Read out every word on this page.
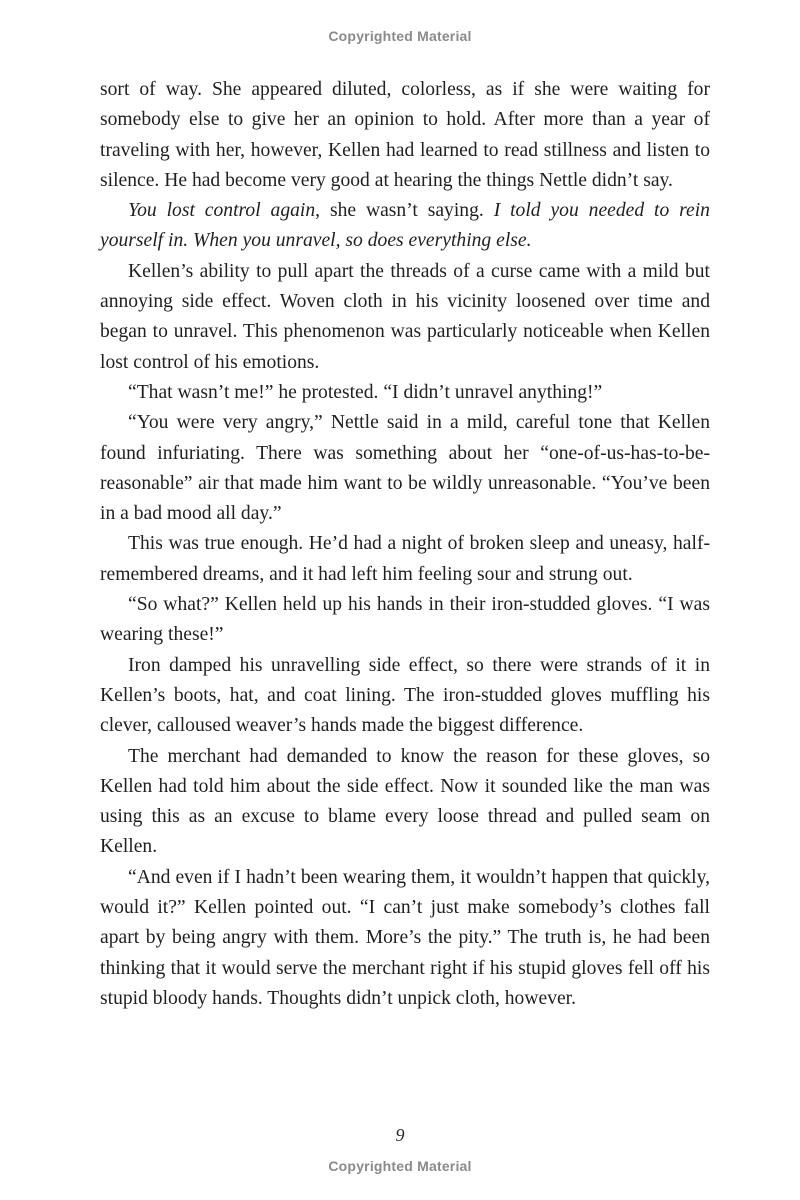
Copyrighted Material

sort of way. She appeared diluted, colorless, as if she were waiting for somebody else to give her an opinion to hold. After more than a year of traveling with her, however, Kellen had learned to read stillness and listen to silence. He had become very good at hearing the things Nettle didn’t say.

You lost control again, she wasn’t saying. I told you needed to rein yourself in. When you unravel, so does everything else.

Kellen’s ability to pull apart the threads of a curse came with a mild but annoying side effect. Woven cloth in his vicinity loosened over time and began to unravel. This phenomenon was particularly noticeable when Kellen lost control of his emotions.

“That wasn’t me!” he protested. “I didn’t unravel anything!”

“You were very angry,” Nettle said in a mild, careful tone that Kellen found infuriating. There was something about her “one-of-us-has-to-be-reasonable” air that made him want to be wildly unreasonable. “You’ve been in a bad mood all day.”

This was true enough. He’d had a night of broken sleep and uneasy, half-remembered dreams, and it had left him feeling sour and strung out.

“So what?” Kellen held up his hands in their iron-studded gloves. “I was wearing these!”

Iron damped his unravelling side effect, so there were strands of it in Kellen’s boots, hat, and coat lining. The iron-studded gloves muffling his clever, calloused weaver’s hands made the biggest difference.

The merchant had demanded to know the reason for these gloves, so Kellen had told him about the side effect. Now it sounded like the man was using this as an excuse to blame every loose thread and pulled seam on Kellen.

“And even if I hadn’t been wearing them, it wouldn’t happen that quickly, would it?” Kellen pointed out. “I can’t just make somebody’s clothes fall apart by being angry with them. More’s the pity.” The truth is, he had been thinking that it would serve the merchant right if his stupid gloves fell off his stupid bloody hands. Thoughts didn’t unpick cloth, however.

9
Copyrighted Material
